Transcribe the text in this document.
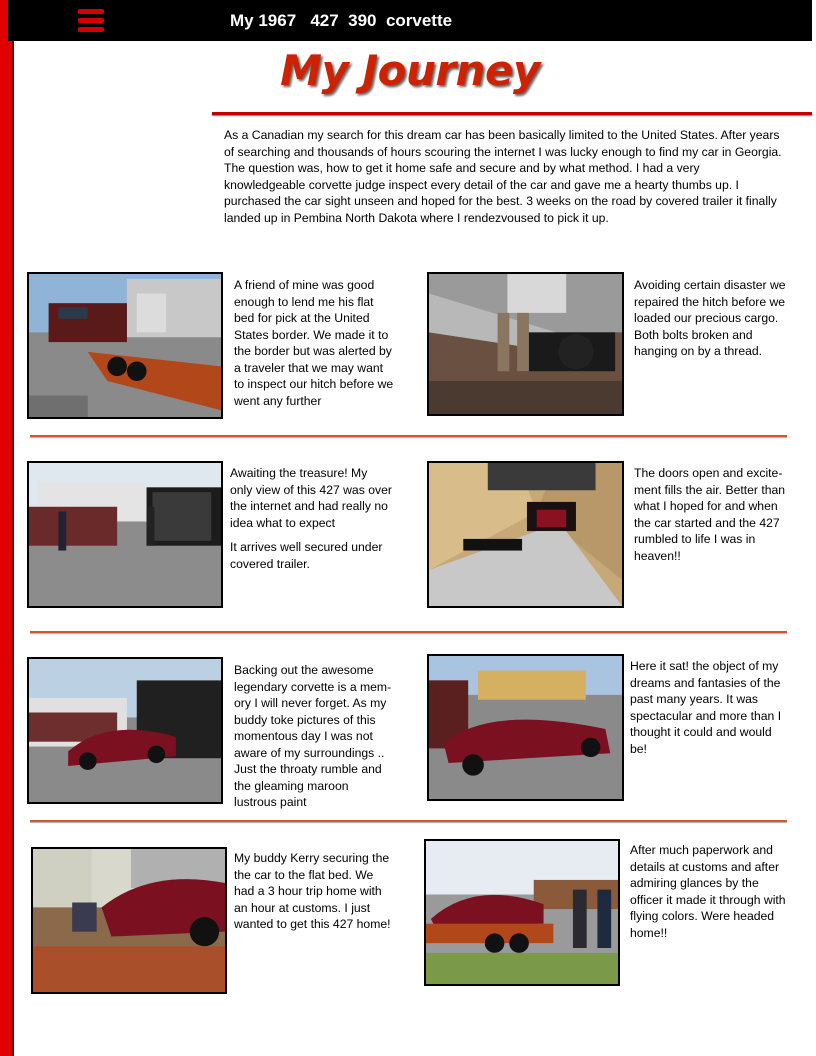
My 1967   427  390  corvette
My Journey
As a Canadian my search for this dream car has been basically limited to the United States. After years of searching and thousands of hours scouring the internet I was lucky enough to find my car in Georgia. The question was, how to get it home safe and secure and by what method. I had a very knowledgeable corvette judge inspect every detail of the car and gave me a hearty thumbs up. I purchased the car sight unseen and hoped for the best. 3 weeks on the road by covered trailer it finally landed up in Pembina North Dakota where I rendezvoused to pick it up.
A friend of mine was good enough to lend me his flat bed for pick at the United States border. We made it to the border but was alerted by a traveler that we may want to inspect our hitch before we went any further
Avoiding certain disaster we repaired the hitch before we loaded our precious cargo. Both bolts broken and hanging on by a thread.

Awaiting the treasure! My only view of this 427 was over the internet and had really no idea what to expect

It arrives well secured under covered trailer.

The doors open and excite-ment fills the air. Better than what I hoped for and when the car started and the 427 rumbled to life I was in heaven!!
Backing out the awesome legendary corvette is a mem-ory I will never forget. As my buddy toke pictures of this momentous day I was not aware of my surroundings .. Just the throaty rumble and the gleaming maroon lustrous paint
Here it sat! the object of my dreams and fantasies of the past many years. It was spectacular and more than I thought it could and would be!
My buddy Kerry securing the the car to the flat bed. We had a 3 hour trip home with an hour at customs. I just wanted to get this 427 home!
After much paperwork and details at customs and after admiring glances by the officer it made it through with flying colors. Were headed home!!
